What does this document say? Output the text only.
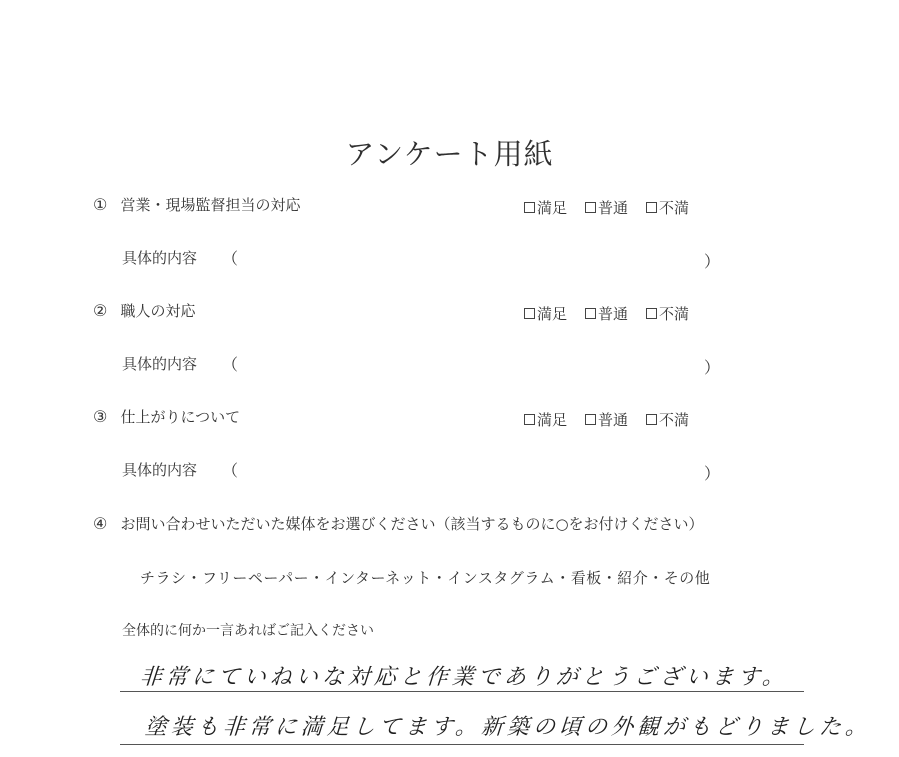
アンケート用紙
① 営業・現場監督担当の対応	満足 普通 不満
具体的内容 （	）
② 職人の対応	満足 普通 不満
具体的内容 （	）
③ 仕上がりについて	満足 普通 不満
具体的内容 （	）
④ お問い合わせいただいた媒体をお選びください（該当するものに○をお付けください）
チラシ・フリーペーパー・インターネット・インスタグラム・看板・紹介・その他
全体的に何か一言あればご記入ください
非常にていねいな対応と作業でありがとうございます。
塗装も非常に満足してます。新築の頃の外観がもどりました。
